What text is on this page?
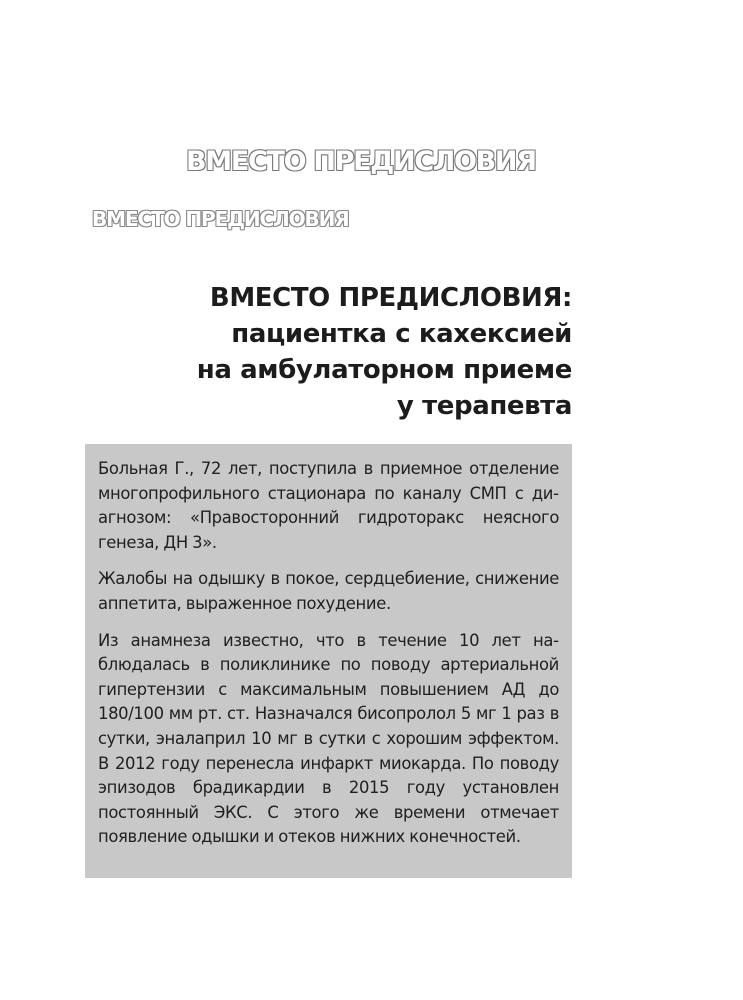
ВМЕСТО ПРЕДИСЛОВИЯ
ВМЕСТО ПРЕДИСЛОВИЯ
ВМЕСТО ПРЕДИСЛОВИЯ:
пациентка с кахексией
на амбулаторном приеме
у терапевта

Больная Г., 72 лет, поступила в приемное отделение многопрофильного стационара по каналу СМП с диагнозом: «Правосторонний гидроторакс неясного генеза, ДН 3».

Жалобы на одышку в покое, сердцебиение, снижение аппетита, выраженное похудение.

Из анамнеза известно, что в течение 10 лет наблюдалась в поликлинике по поводу артериальной гипертензии с максимальным повышением АД до 180/100 мм рт. ст. Назначался бисопролол 5 мг 1 раз в сутки, эналаприл 10 мг в сутки с хорошим эффектом. В 2012 году перенесла инфаркт миокарда. По поводу эпизодов брадикардии в 2015 году установлен постоянный ЭКС. С этого же времени отмечает появление одышки и отеков нижних конечностей.
